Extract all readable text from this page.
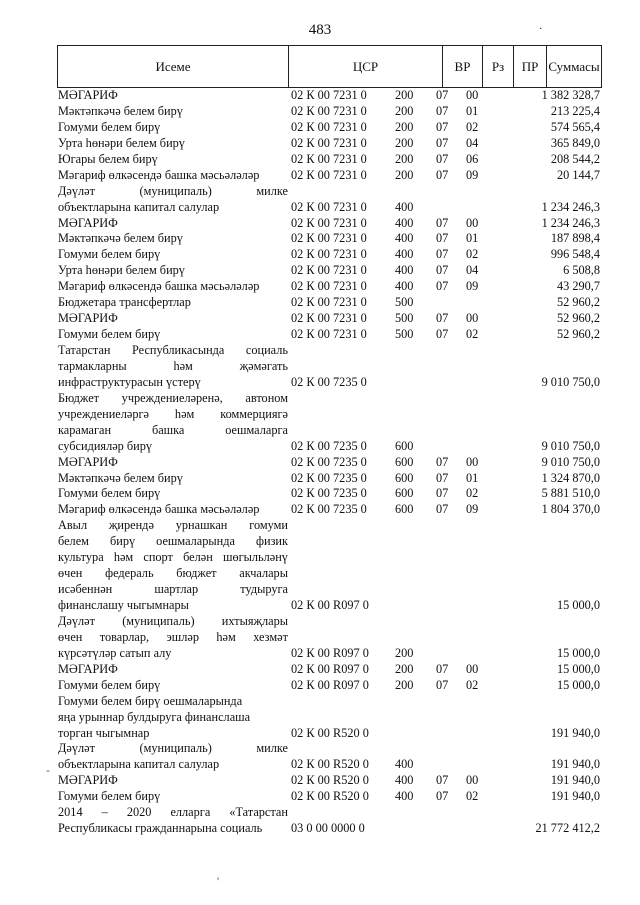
483	·
-
'
Исеме	ЦСР	ВР	Рз	ПР Суммасы
МӘГАРИФ	02 К 00 7231 0 200 07 00	1 382 328,7
Мәктәпкәчә белем бирү	02 К 00 7231 0 200 07 01	213 225,4
Гомуми белем бирү	02 К 00 7231 0 200 07 02	574 565,4
Урта һөнәри белем бирү	02 К 00 7231 0 200 07 04	365 849,0
Югары белем бирү	02 К 00 7231 0 200 07 06	208 544,2
Мәгариф өлкәсендә башка мәсьәләләр	02 К 00 7231 0 200 07 09	20 144,7
Дәүләт	(муниципаль)	милке
объектларына капитал салулар	02 К 00 7231 0 400	1 234 246,3
МӘГАРИФ	02 К 00 7231 0 400 07 00	1 234 246,3
Мәктәпкәчә белем бирү	02 К 00 7231 0 400 07 01	187 898,4
Гомуми белем бирү	02 К 00 7231 0 400 07 02	996 548,4
Урта һөнәри белем бирү	02 К 00 7231 0 400 07 04	6 508,8
Мәгариф өлкәсендә башка мәсьәләләр	02 К 00 7231 0 400 07 09	43 290,7
Бюджетара трансфертлар	02 К 00 7231 0 500	52 960,2
МӘГАРИФ	02 К 00 7231 0 500 07 00	52 960,2
Гомуми белем бирү	02 К 00 7231 0 500 07 02	52 960,2
Татарстан Республикасында социаль
тармакларны	һәм	җәмәгать
инфраструктурасын үстерү	02 К 00 7235 0	9 010 750,0
Бюджет учреждениеләренә, автоном
учреждениеләргә һәм коммерциягә
карамаган	башка	оешмаларга
субсидияләр бирү	02 К 00 7235 0 600	9 010 750,0
МӘГАРИФ	02 К 00 7235 0 600 07 00	9 010 750,0
Мәктәпкәчә белем бирү	02 К 00 7235 0 600 07 01	1 324 870,0
Гомуми белем бирү	02 К 00 7235 0 600 07 02	5 881 510,0
Мәгариф өлкәсендә башка мәсьәләләр	02 К 00 7235 0 600 07 09	1 804 370,0
Авыл җирендә урнашкан гомуми
белем бирү оешмаларында физик
культура һәм спорт белән шөгыльләнү
өчен федераль бюджет акчалары
исәбеннән	шартлар	тудыруга
финанслашу чыгымнары	02 К 00 R097 0	15 000,0
Дәүләт (муниципаль) ихтыяҗлары
өчен товарлар, эшләр һәм хезмәт
күрсәтүләр сатып алу	02 К 00 R097 0 200	15 000,0
МӘГАРИФ	02 К 00 R097 0 200 07 00	15 000,0
Гомуми белем бирү	02 К 00 R097 0 200 07 02	15 000,0
Гомуми белем бирү оешмаларында
яңа урыннар булдыруга финанслаша
торган чыгымнар	02 К 00 R520 0	191 940,0
Дәүләт	(муниципаль)	милке
объектларына капитал салулар	02 К 00 R520 0 400	191 940,0
МӘГАРИФ	02 К 00 R520 0 400 07 00	191 940,0
Гомуми белем бирү	02 К 00 R520 0 400 07 02	191 940,0
2014 – 2020 елларга «Татарстан
Республикасы гражданнарына социаль	03 0 00 0000 0	21 772 412,2
